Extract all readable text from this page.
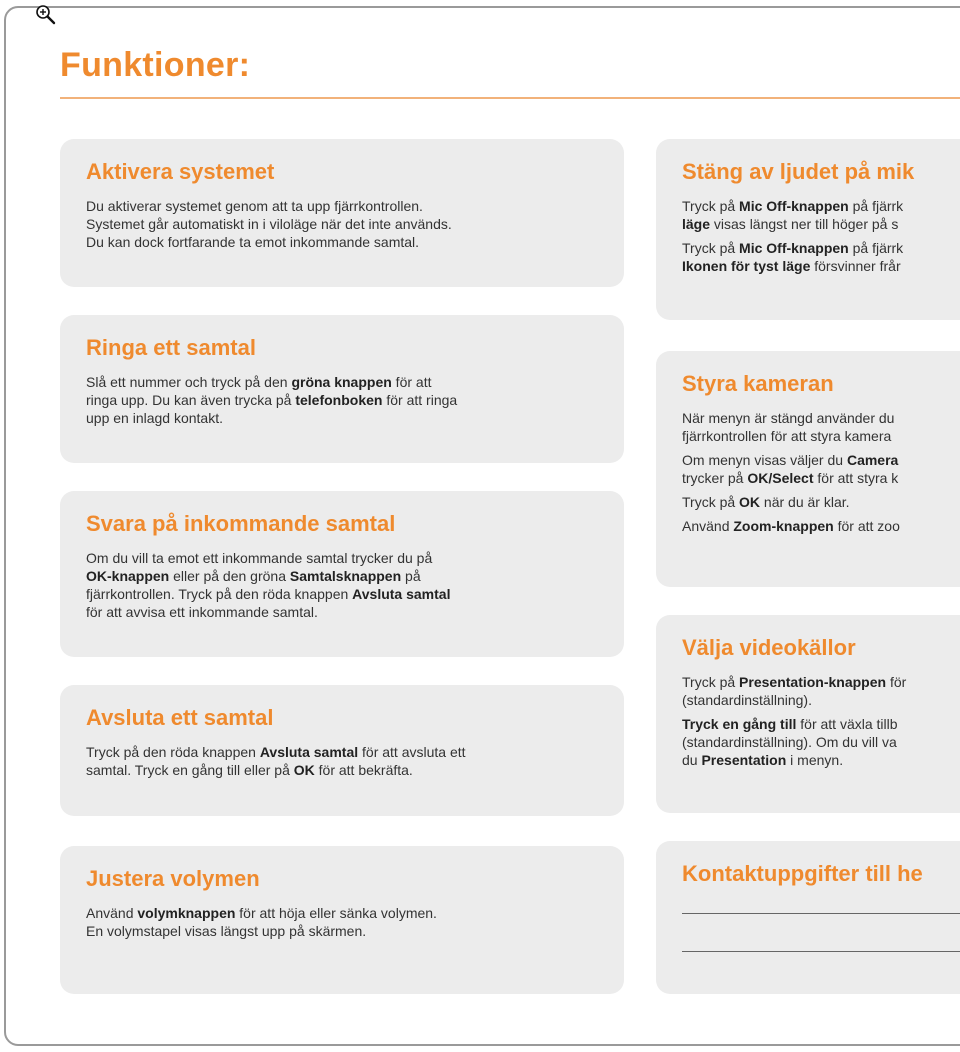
Funktioner:
Aktivera systemet

Du aktiverar systemet genom att ta upp fjärrkontrollen.
Systemet går automatiskt in i viloläge när det inte används.
Du kan dock fortfarande ta emot inkommande samtal.

Ringa ett samtal

Slå ett nummer och tryck på den gröna knappen för att
ringa upp. Du kan även trycka på telefonboken för att ringa
upp en inlagd kontakt.

Svara på inkommande samtal

Om du vill ta emot ett inkommande samtal trycker du på
OK-knappen eller på den gröna Samtalsknappen på
fjärrkontrollen. Tryck på den röda knappen Avsluta samtal
för att avvisa ett inkommande samtal.

Avsluta ett samtal

Tryck på den röda knappen Avsluta samtal för att avsluta ett
samtal. Tryck en gång till eller på OK för att bekräfta.

Justera volymen

Använd volymknappen för att höja eller sänka volymen.
En volymstapel visas längst upp på skärmen.

Stäng av ljudet på mik

Tryck på Mic Off-knappen på fjärrk
läge visas längst ner till höger på s

Tryck på Mic Off-knappen på fjärrk
Ikonen för tyst läge försvinner frår

Styra kameran

När menyn är stängd använder du
fjärrkontrollen för att styra kamera

Om menyn visas väljer du Camera
trycker på OK/Select för att styra k

Tryck på OK när du är klar.

Använd Zoom-knappen för att zoo

Välja videokällor

Tryck på Presentation-knappen för
(standardinställning).

Tryck en gång till för att växla tillb
(standardinställning). Om du vill va
du Presentation i menyn.

Kontaktuppgifter till he
